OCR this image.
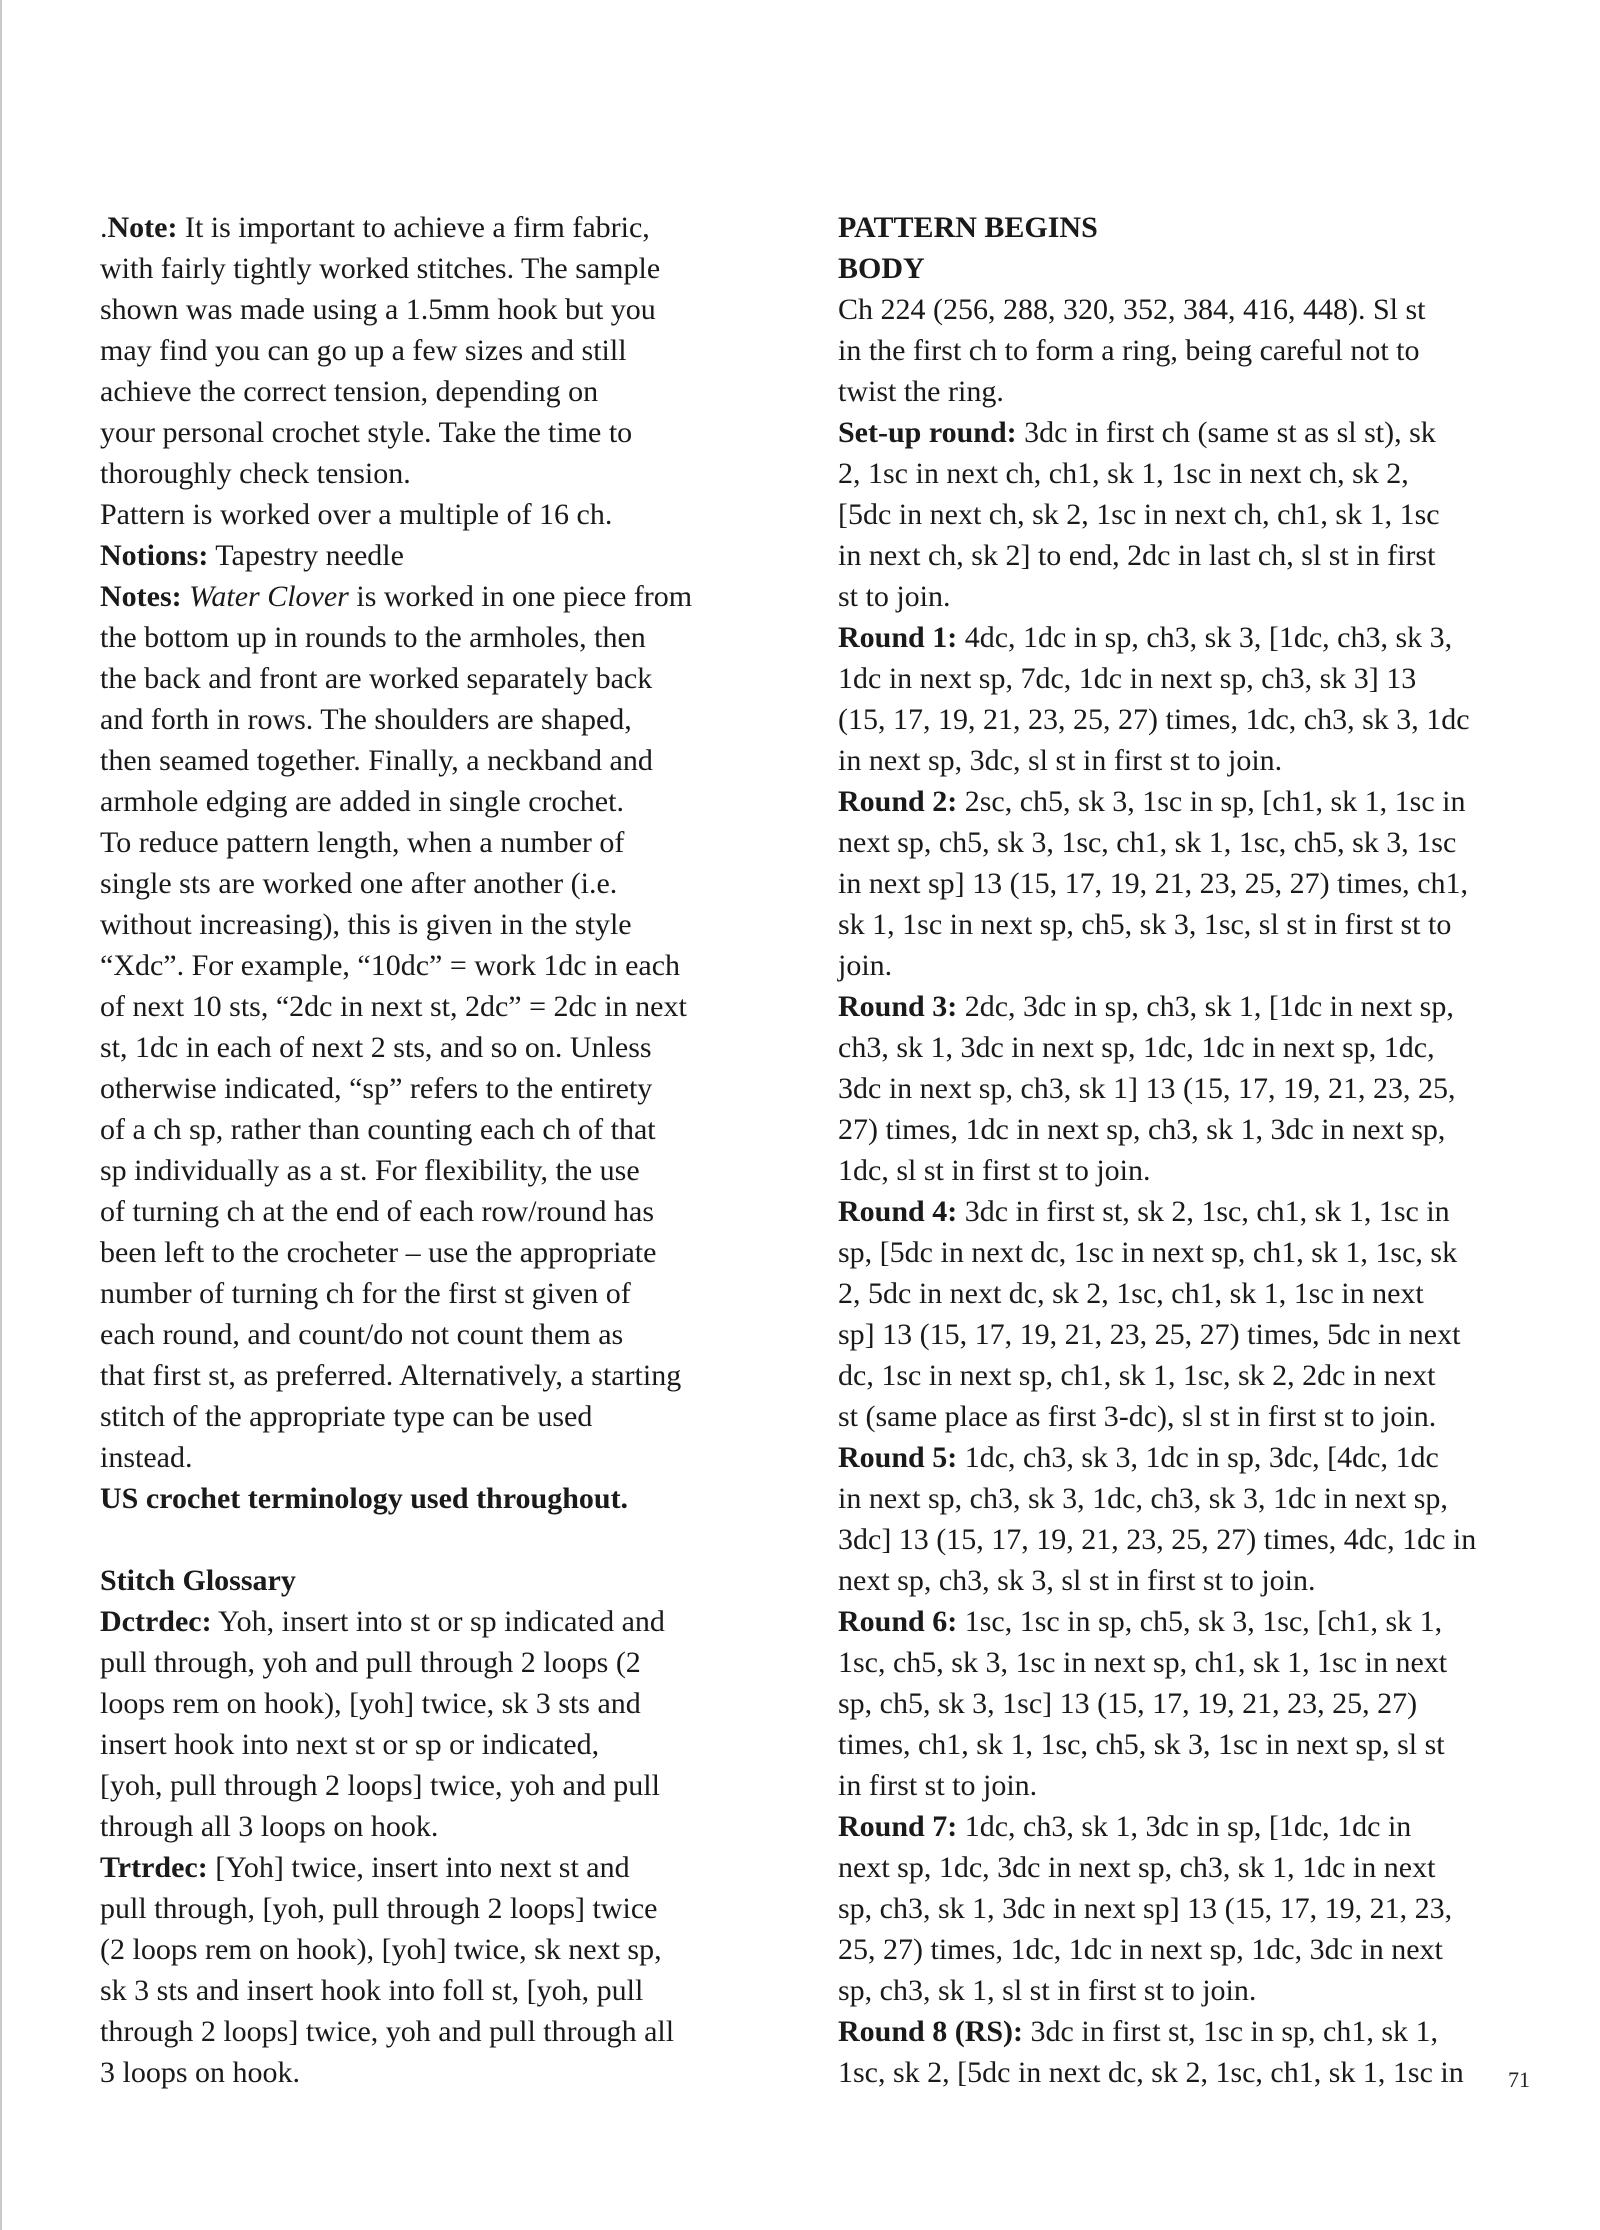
.Note: It is important to achieve a firm fabric,
with fairly tightly worked stitches. The sample
shown was made using a 1.5mm hook but you
may find you can go up a few sizes and still
achieve the correct tension, depending on
your personal crochet style. Take the time to
thoroughly check tension.
Pattern is worked over a multiple of 16 ch.
Notions: Tapestry needle
Notes: Water Clover is worked in one piece from
the bottom up in rounds to the armholes, then
the back and front are worked separately back
and forth in rows. The shoulders are shaped,
then seamed together. Finally, a neckband and
armhole edging are added in single crochet.
To reduce pattern length, when a number of
single sts are worked one after another (i.e.
without increasing), this is given in the style
“Xdc”. For example, “10dc” = work 1dc in each
of next 10 sts, “2dc in next st, 2dc” = 2dc in next
st, 1dc in each of next 2 sts, and so on. Unless
otherwise indicated, “sp” refers to the entirety
of a ch sp, rather than counting each ch of that
sp individually as a st. For flexibility, the use
of turning ch at the end of each row/round has
been left to the crocheter – use the appropriate
number of turning ch for the first st given of
each round, and count/do not count them as
that first st, as preferred. Alternatively, a starting
stitch of the appropriate type can be used
instead.
US crochet terminology used throughout.
Stitch Glossary
Dctrdec: Yoh, insert into st or sp indicated and
pull through, yoh and pull through 2 loops (2
loops rem on hook), [yoh] twice, sk 3 sts and
insert hook into next st or sp or indicated,
[yoh, pull through 2 loops] twice, yoh and pull
through all 3 loops on hook.
Trtrdec: [Yoh] twice, insert into next st and
pull through, [yoh, pull through 2 loops] twice
(2 loops rem on hook), [yoh] twice, sk next sp,
sk 3 sts and insert hook into foll st, [yoh, pull
through 2 loops] twice, yoh and pull through all
3 loops on hook.
PATTERN BEGINS
BODY
Ch 224 (256, 288, 320, 352, 384, 416, 448). Sl st
in the first ch to form a ring, being careful not to
twist the ring.
Set-up round: 3dc in first ch (same st as sl st), sk
2, 1sc in next ch, ch1, sk 1, 1sc in next ch, sk 2,
[5dc in next ch, sk 2, 1sc in next ch, ch1, sk 1, 1sc
in next ch, sk 2] to end, 2dc in last ch, sl st in first
st to join.
Round 1: 4dc, 1dc in sp, ch3, sk 3, [1dc, ch3, sk 3,
1dc in next sp, 7dc, 1dc in next sp, ch3, sk 3] 13
(15, 17, 19, 21, 23, 25, 27) times, 1dc, ch3, sk 3, 1dc
in next sp, 3dc, sl st in first st to join.
Round 2: 2sc, ch5, sk 3, 1sc in sp, [ch1, sk 1, 1sc in
next sp, ch5, sk 3, 1sc, ch1, sk 1, 1sc, ch5, sk 3, 1sc
in next sp] 13 (15, 17, 19, 21, 23, 25, 27) times, ch1,
sk 1, 1sc in next sp, ch5, sk 3, 1sc, sl st in first st to
join.
Round 3: 2dc, 3dc in sp, ch3, sk 1, [1dc in next sp,
ch3, sk 1, 3dc in next sp, 1dc, 1dc in next sp, 1dc,
3dc in next sp, ch3, sk 1] 13 (15, 17, 19, 21, 23, 25,
27) times, 1dc in next sp, ch3, sk 1, 3dc in next sp,
1dc, sl st in first st to join.
Round 4: 3dc in first st, sk 2, 1sc, ch1, sk 1, 1sc in
sp, [5dc in next dc, 1sc in next sp, ch1, sk 1, 1sc, sk
2, 5dc in next dc, sk 2, 1sc, ch1, sk 1, 1sc in next
sp] 13 (15, 17, 19, 21, 23, 25, 27) times, 5dc in next
dc, 1sc in next sp, ch1, sk 1, 1sc, sk 2, 2dc in next
st (same place as first 3-dc), sl st in first st to join.
Round 5: 1dc, ch3, sk 3, 1dc in sp, 3dc, [4dc, 1dc
in next sp, ch3, sk 3, 1dc, ch3, sk 3, 1dc in next sp,
3dc] 13 (15, 17, 19, 21, 23, 25, 27) times, 4dc, 1dc in
next sp, ch3, sk 3, sl st in first st to join.
Round 6: 1sc, 1sc in sp, ch5, sk 3, 1sc, [ch1, sk 1,
1sc, ch5, sk 3, 1sc in next sp, ch1, sk 1, 1sc in next
sp, ch5, sk 3, 1sc] 13 (15, 17, 19, 21, 23, 25, 27)
times, ch1, sk 1, 1sc, ch5, sk 3, 1sc in next sp, sl st
in first st to join.
Round 7: 1dc, ch3, sk 1, 3dc in sp, [1dc, 1dc in
next sp, 1dc, 3dc in next sp, ch3, sk 1, 1dc in next
sp, ch3, sk 1, 3dc in next sp] 13 (15, 17, 19, 21, 23,
25, 27) times, 1dc, 1dc in next sp, 1dc, 3dc in next
sp, ch3, sk 1, sl st in first st to join.
Round 8 (RS): 3dc in first st, 1sc in sp, ch1, sk 1,
1sc, sk 2, [5dc in next dc, sk 2, 1sc, ch1, sk 1, 1sc in	71
